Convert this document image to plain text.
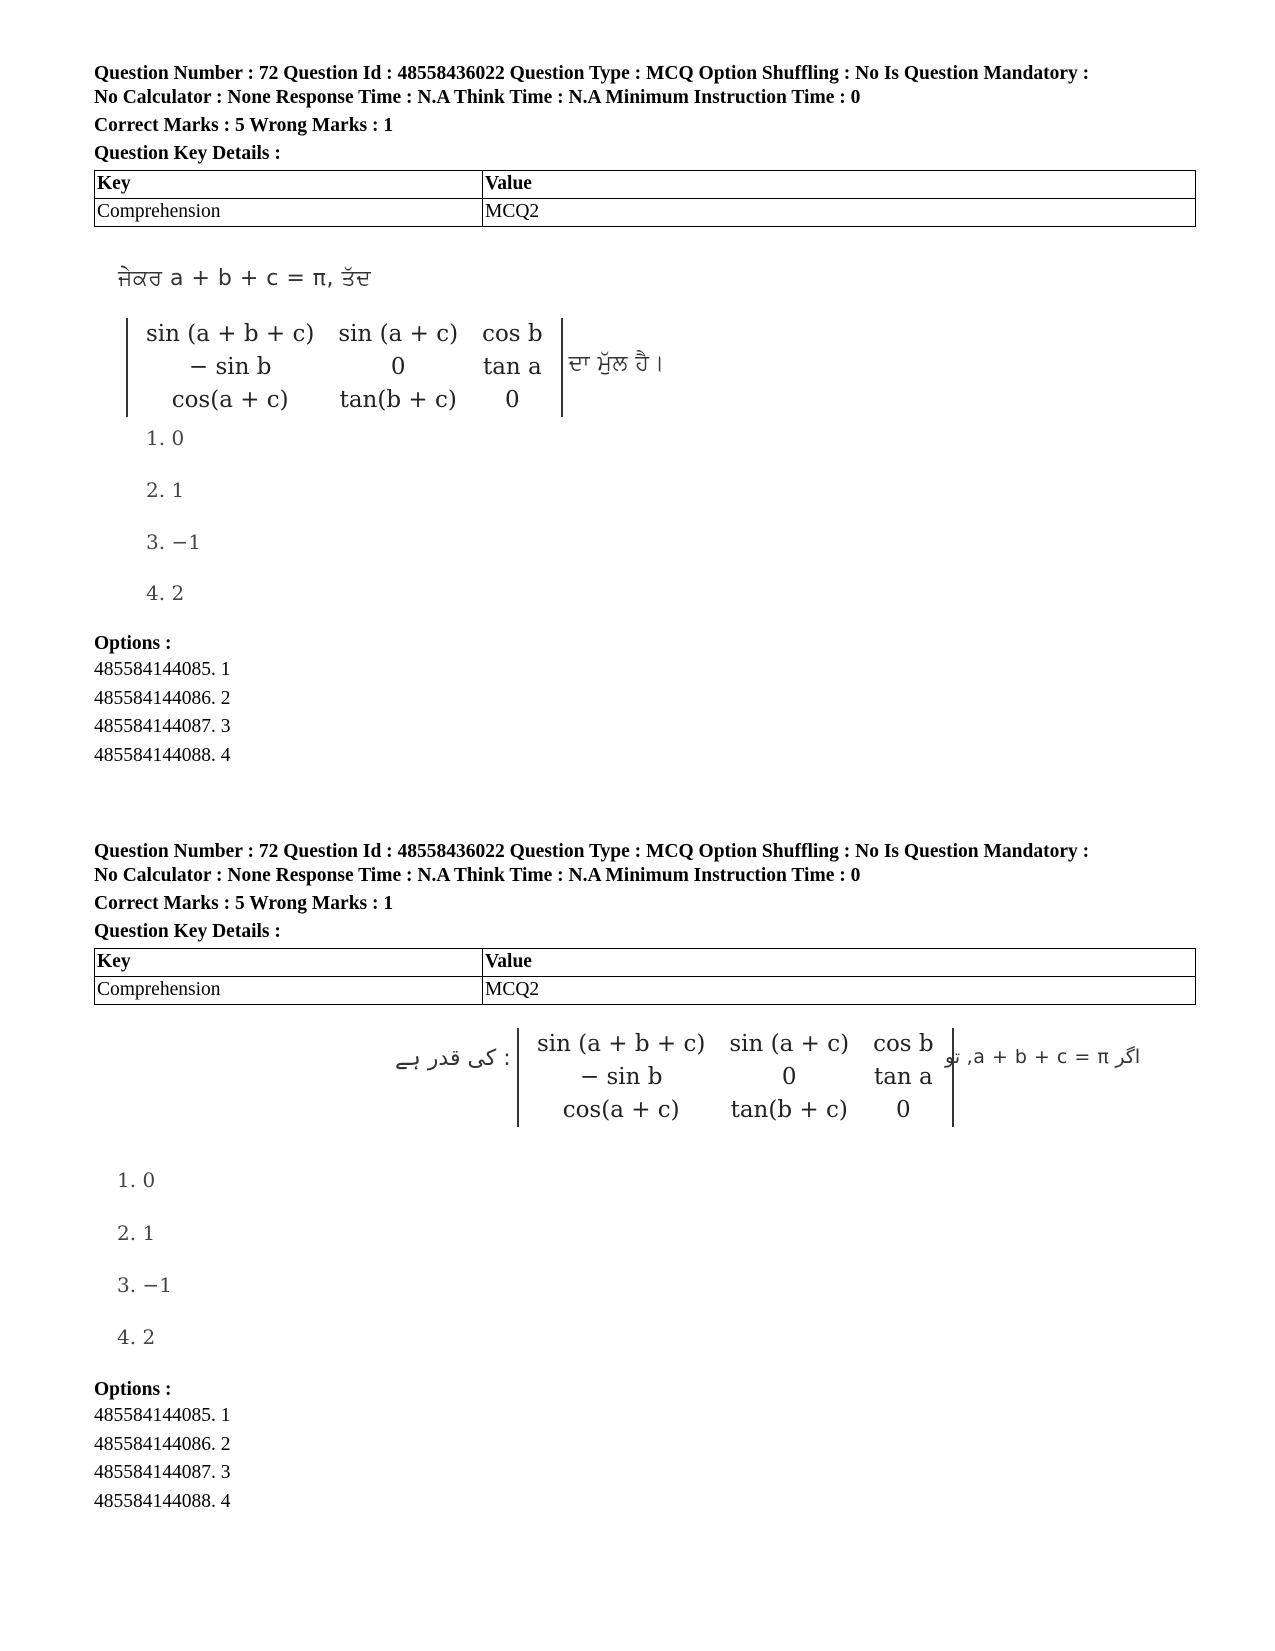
Question Number : 72 Question Id : 48558436022 Question Type : MCQ Option Shuffling : No Is Question Mandatory :

No Calculator : None Response Time : N.A Think Time : N.A Minimum Instruction Time : 0

Correct Marks : 5 Wrong Marks : 1

Question Key Details :

Key	Value
Comprehension	MCQ2
ਜੇਕਰ a + b + c = π, ਤੱਦ
sin (a + b + c)	sin (a + c)	cos b
− sin b	0	tan a
cos(a + c)	tan(b + c)	0
ਦਾ ਮੁੱਲ ਹੈ।
1. 0
2. 1
3. −1
4. 2

Options :

485584144085. 1

485584144086. 2

485584144087. 3

485584144088. 4

Question Number : 72 Question Id : 48558436022 Question Type : MCQ Option Shuffling : No Is Question Mandatory :

No Calculator : None Response Time : N.A Think Time : N.A Minimum Instruction Time : 0

Correct Marks : 5 Wrong Marks : 1

Question Key Details :

Key	Value
Comprehension	MCQ2
: کی قدر ہے
sin (a + b + c)	sin (a + c)	cos b
− sin b	0	tan a
cos(a + c)	tan(b + c)	0
اگر a + b + c = π, تو
1. 0
2. 1
3. −1
4. 2

Options :

485584144085. 1

485584144086. 2

485584144087. 3

485584144088. 4
